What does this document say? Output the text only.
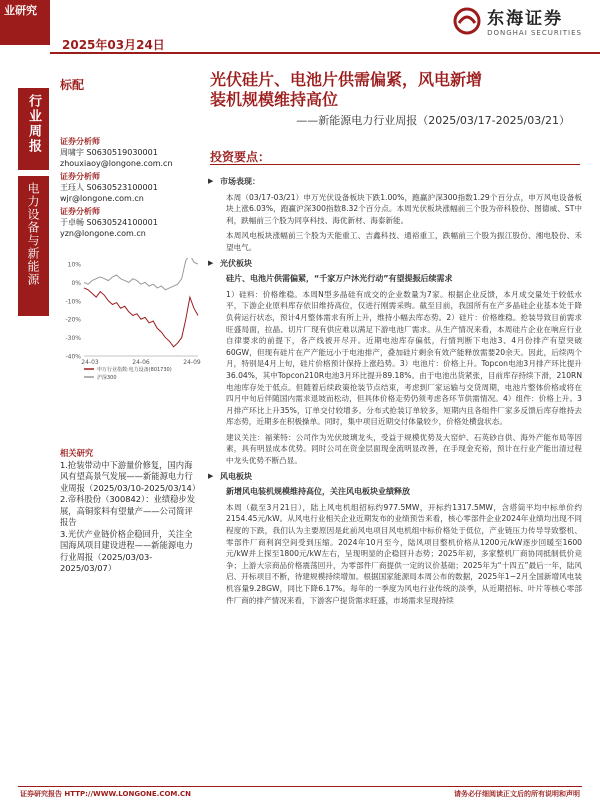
业研究
2025年03月24日
东海证券
DONGHAI SECURITIES
行业周报
电力设备与新能源
标配
证券分析师
周啸宇 S0630519030001
zhouxiaoy@longone.com.cn
证券分析师
王珏人 S0630523100001
wjr@longone.com.cn
证券分析师
于卓畅 S0630524100001
yzn@longone.com.cn
10%
0%
-10%
-20%
-30%
-40%
24-03	24-06	24-09
申万行业指数:电力设备(801730)
沪深300
相关研究
1.抢装带动中下游量价修复，国内海风有望高景气发展——新能源电力行业周报（2025/03/10-2025/03/14）
2.帝科股份（300842）：业绩稳步发展，高铜浆料有望量产——公司简评报告
3.光伏产业链价格企稳回升，关注全国海风项目建设进程——新能源电力行业周报（2025/03/03-2025/03/07）
光伏硅片、电池片供需偏紧，风电新增
装机规模维持高位
——新能源电力行业周报（2025/03/17-2025/03/21）
投资要点：
▶ 市场表现：
本周（03/17-03/21）申万光伏设备板块下跌1.00%，跑赢沪深300指数1.29个百分点，申万风电设备板块上涨6.03%，跑赢沪深300指数8.32个百分点。本周光伏板块涨幅前三个股为帝科股份、图德威、ST中利，跌幅前三个股为同享科技、海优新材、海泰新能。
本周风电板块涨幅前三个股为天能重工、吉鑫科技、通裕重工，跌幅前三个股为振江股份、湘电股份、禾望电气。
▶ 光伏板块
硅片、电池片供需偏紧，“千家万户沐光行动”有望提振后续需求
1）硅料：价格维稳。本周N型多晶硅有成交的企业数量为7家。根据企业反馈，本月成交量处于较低水平，下游企业原料库存依旧维持高位，仅进行刚需采购。截至目前，我国所有在产多晶硅企业基本处于降负荷运行状态，预计4月整体需求有所上升，维持小幅去库态势。2）硅片：价格维稳。抢装导致目前需求旺盛局面，拉晶、切片厂现有供应难以满足下游电池厂需求。从生产情况来看，本周硅片企业在响应行业自律要求的前提下，各产线被开尽开。近期电池库存偏低，行情判断下电池3、4月份排产有望突破60GW，但现有硅片在产产能远小于电池排产，叠加硅片剩余有效产能释放需要20余天。因此，后续两个月，特别是4月上旬，硅片价格预计保持上涨趋势。3）电池片：价格上升。Topcon电池3月排产环比提升36.04%，其中Topcon210R电池3月环比提升89.18%。由于电池出货紧张，目前库存持续下滑，210RN电池库存处于低点。但随着后续政策抢装节点结束，考虑到厂家运输与交货周期，电池片整体价格或将在四月中旬后伴随国内需求退坡而松动，但具体价格走势仍须考虑各环节供需情况。4）组件：价格上升。3月排产环比上升35%，订单交付较增多。分布式抢装订单较多，短期内且各组件厂家多反馈后库存维持去库态势，近期多在积极操单。同时，集中项目近期交付体量较少，价格处横盘状态。
建议关注：福莱特：公司作为光伏玻璃龙头，受益于规模优势及大窑炉、石英砂自供、海外产能布局等因素，具有明显成本优势。同时公司在资金层面现金流明显改善，在手现金充裕，预计在行业产能出清过程中龙头优势不断凸显。
▶ 风电板块
新增风电装机规模维持高位，关注风电板块业绩释放
本周（截至3月21日），陆上风电机组招标约977.5MW，开标约1317.5MW，含塔筒平均中标单价约2154.45元/kW。从风电行业相关企业近期发布的业绩预告来看，核心零部件企业2024年业绩均出现不同程度的下跌，我们认为主要原因是此前风电项目风电机组中标价格处于低位，产业链压力传导导致整机、零部件厂商利润空间受到压缩。2024年10月至今，陆风项目整机价格从1200元/kW逐步回暖至1600元/kW并上探至1800元/kW左右，呈现明显的企稳回升态势；2025年初，多家整机厂商协同抵制低价竞争；上游大宗商品价格震荡回升，为零部件厂商提供一定的议价基础；2025年为“十四五”最后一年，陆风启、开标项目不断，待建规模持续增加。根据国家能源局本周公布的数据，2025年1~2月全国新增风电装机容量9.28GW，同比下降6.17%。每年的一季度为风电行业传统的淡季，从近期招标、叶片等核心零部件厂商的排产情况来看，下游客户提货需求旺盛，市场需求呈现持续
证券研究报告 HTTP://WWW.LONGONE.COM.CN	请务必仔细阅读正文后的所有说明和声明
